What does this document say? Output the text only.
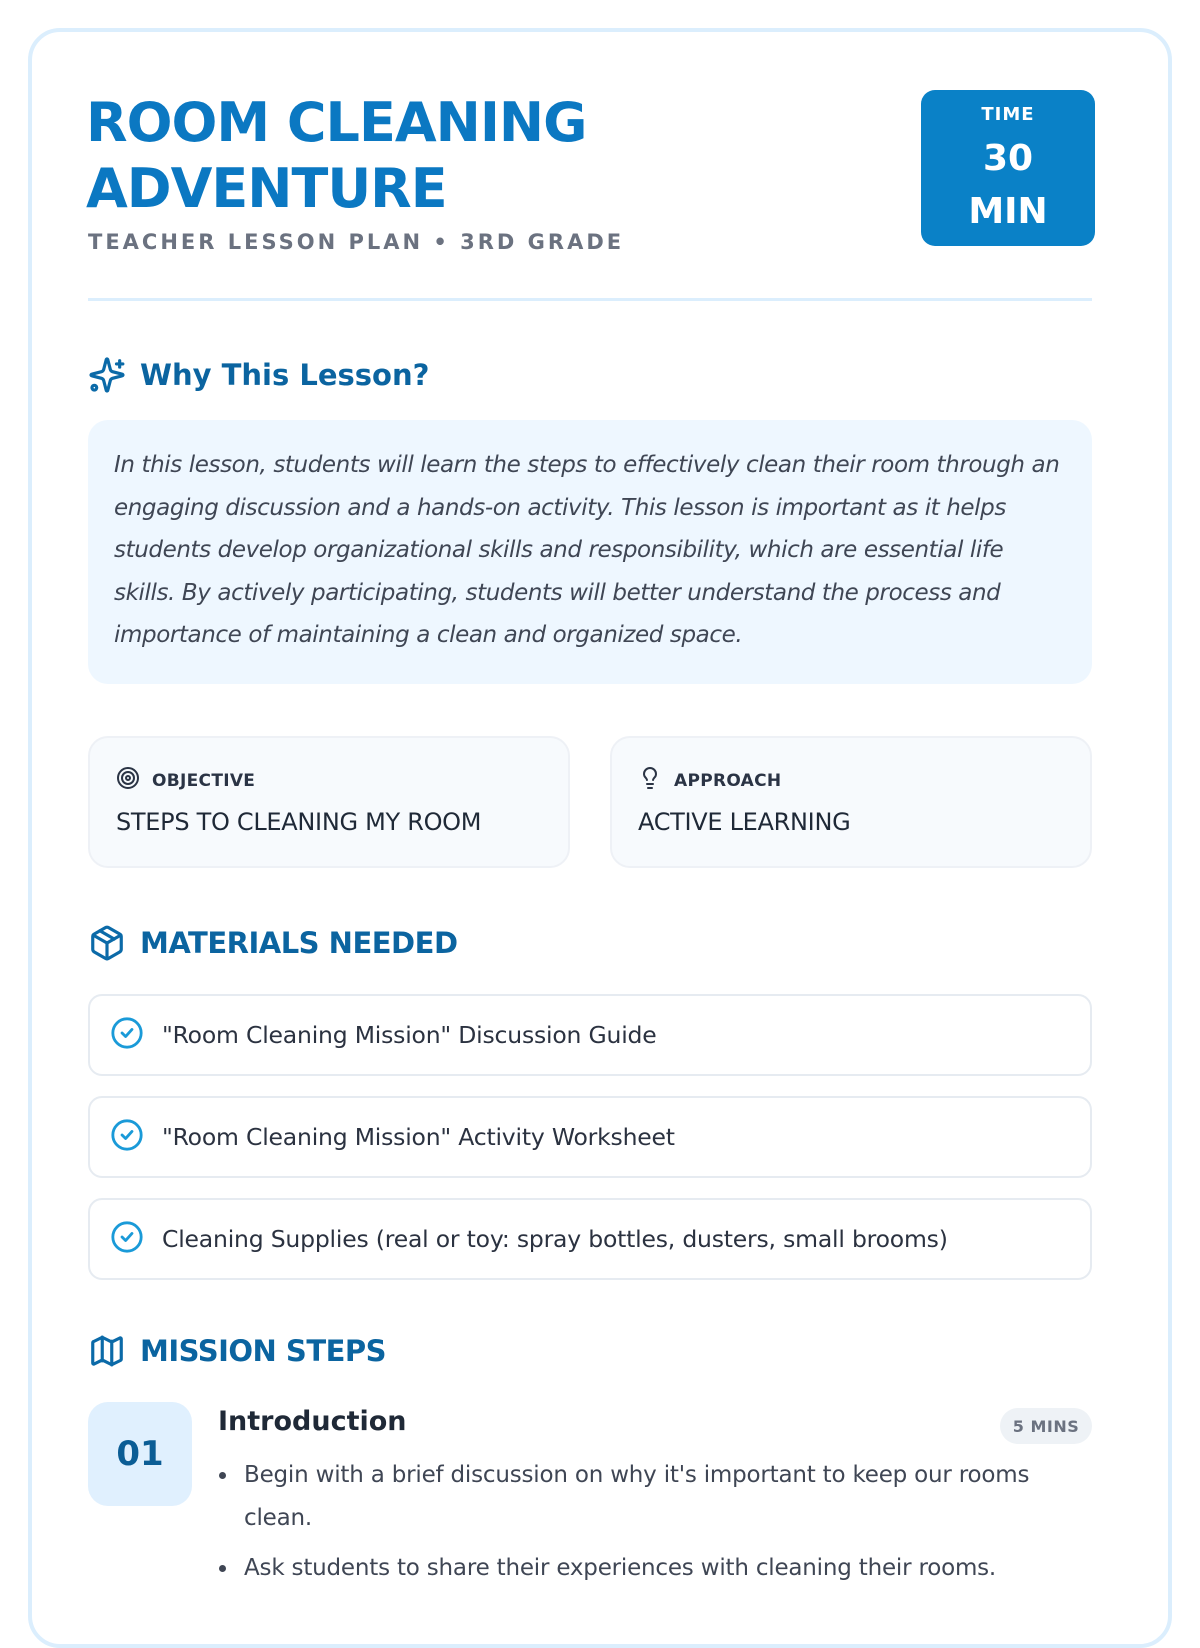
ROOM CLEANING
ADVENTURE
TEACHER LESSON PLAN • 3RD GRADE
TIME
30
MIN
Why This Lesson?

In this lesson, students will learn the steps to effectively clean their room through an engaging discussion and a hands-on activity. This lesson is important as it helps students develop organizational skills and responsibility, which are essential life skills. By actively participating, students will better understand the process and importance of maintaining a clean and organized space.

OBJECTIVE
STEPS TO CLEANING MY ROOM
APPROACH
ACTIVE LEARNING
MATERIALS NEEDED
"Room Cleaning Mission" Discussion Guide
"Room Cleaning Mission" Activity Worksheet
Cleaning Supplies (real or toy: spray bottles, dusters, small brooms)
MISSION STEPS
01
Introduction	5 MINS
Begin with a brief discussion on why it's important to keep our rooms clean.
Ask students to share their experiences with cleaning their rooms.
